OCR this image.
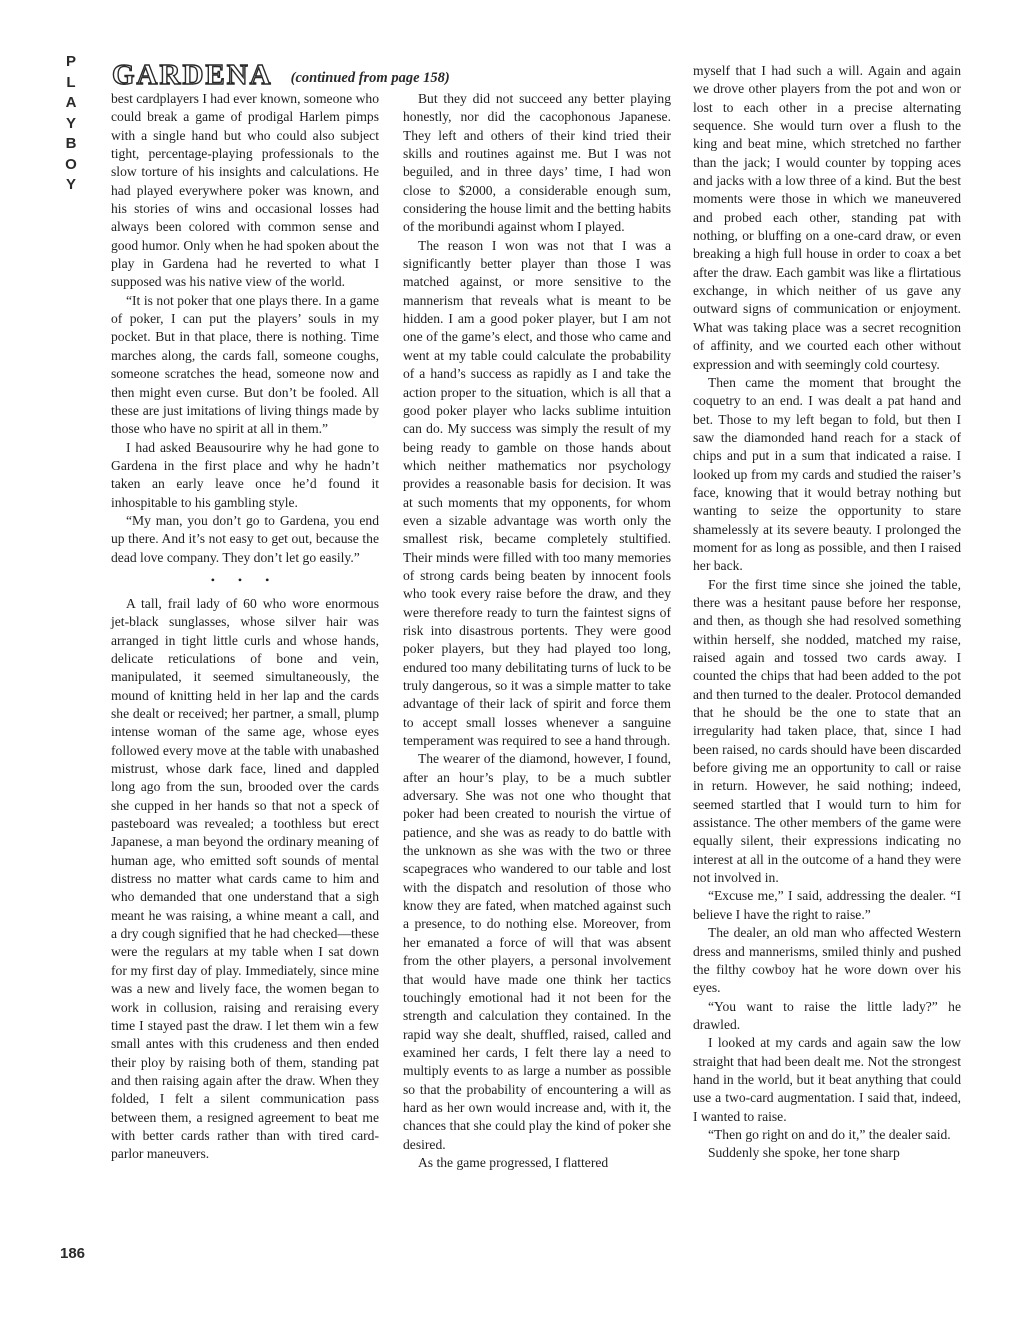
P
L
A
Y
B
O
Y
GARDENA (continued from page 158)

best cardplayers I had ever known, someone who could break a game of prodigal Harlem pimps with a single hand but who could also subject tight, percentage-playing professionals to the slow torture of his insights and calculations. He had played everywhere poker was known, and his stories of wins and occasional losses had always been colored with common sense and good humor. Only when he had spoken about the play in Gardena had he reverted to what I supposed was his native view of the world.

“It is not poker that one plays there. In a game of poker, I can put the players’ souls in my pocket. But in that place, there is nothing. Time marches along, the cards fall, someone coughs, someone scratches the head, someone now and then might even curse. But don’t be fooled. All these are just imitations of living things made by those who have no spirit at all in them.”

I had asked Beausourire why he had gone to Gardena in the first place and why he hadn’t taken an early leave once he’d found it inhospitable to his gambling style.

“My man, you don’t go to Gardena, you end up there. And it’s not easy to get out, because the dead love company. They don’t let go easily.”

• • •

A tall, frail lady of 60 who wore enormous jet-black sunglasses, whose silver hair was arranged in tight little curls and whose hands, delicate reticulations of bone and vein, manipulated, it seemed simultaneously, the mound of knitting held in her lap and the cards she dealt or received; her partner, a small, plump intense woman of the same age, whose eyes followed every move at the table with unabashed mistrust, whose dark face, lined and dappled long ago from the sun, brooded over the cards she cupped in her hands so that not a speck of pasteboard was revealed; a toothless but erect Japanese, a man beyond the ordinary meaning of human age, who emitted soft sounds of mental distress no matter what cards came to him and who demanded that one understand that a sigh meant he was raising, a whine meant a call, and a dry cough signified that he had checked—these were the regulars at my table when I sat down for my first day of play. Immediately, since mine was a new and lively face, the women began to work in collusion, raising and reraising every time I stayed past the draw. I let them win a few small antes with this crudeness and then ended their ploy by raising both of them, standing pat and then raising again after the draw. When they folded, I felt a silent communication pass between them, a resigned agreement to beat me with better cards rather than with tired card-parlor maneuvers.

But they did not succeed any better playing honestly, nor did the cacophonous Japanese. They left and others of their kind tried their skills and routines against me. But I was not beguiled, and in three days’ time, I had won close to $2000, a considerable enough sum, considering the house limit and the betting habits of the moribundi against whom I played.

The reason I won was not that I was a significantly better player than those I was matched against, or more sensitive to the mannerism that reveals what is meant to be hidden. I am a good poker player, but I am not one of the game’s elect, and those who came and went at my table could calculate the probability of a hand’s success as rapidly as I and take the action proper to the situation, which is all that a good poker player who lacks sublime intuition can do. My success was simply the result of my being ready to gamble on those hands about which neither mathematics nor psychology provides a reasonable basis for decision. It was at such moments that my opponents, for whom even a sizable advantage was worth only the smallest risk, became completely stultified. Their minds were filled with too many memories of strong cards being beaten by innocent fools who took every raise before the draw, and they were therefore ready to turn the faintest signs of risk into disastrous portents. They were good poker players, but they had played too long, endured too many debilitating turns of luck to be truly dangerous, so it was a simple matter to take advantage of their lack of spirit and force them to accept small losses whenever a sanguine temperament was required to see a hand through.

The wearer of the diamond, however, I found, after an hour’s play, to be a much subtler adversary. She was not one who thought that poker had been created to nourish the virtue of patience, and she was as ready to do battle with the unknown as she was with the two or three scapegraces who wandered to our table and lost with the dispatch and resolution of those who know they are fated, when matched against such a presence, to do nothing else. Moreover, from her emanated a force of will that was absent from the other players, a personal involvement that would have made one think her tactics touchingly emotional had it not been for the strength and calculation they contained. In the rapid way she dealt, shuffled, raised, called and examined her cards, I felt there lay a need to multiply events to as large a number as possible so that the probability of encountering a will as hard as her own would increase and, with it, the chances that she could play the kind of poker she desired.

As the game progressed, I flattered

myself that I had such a will. Again and again we drove other players from the pot and won or lost to each other in a precise alternating sequence. She would turn over a flush to the king and beat mine, which stretched no farther than the jack; I would counter by topping aces and jacks with a low three of a kind. But the best moments were those in which we maneuvered and probed each other, standing pat with nothing, or bluffing on a one-card draw, or even breaking a high full house in order to coax a bet after the draw. Each gambit was like a flirtatious exchange, in which neither of us gave any outward signs of communication or enjoyment. What was taking place was a secret recognition of affinity, and we courted each other without expression and with seemingly cold courtesy.

Then came the moment that brought the coquetry to an end. I was dealt a pat hand and bet. Those to my left began to fold, but then I saw the diamonded hand reach for a stack of chips and put in a sum that indicated a raise. I looked up from my cards and studied the raiser’s face, knowing that it would betray nothing but wanting to seize the opportunity to stare shamelessly at its severe beauty. I prolonged the moment for as long as possible, and then I raised her back.

For the first time since she joined the table, there was a hesitant pause before her response, and then, as though she had resolved something within herself, she nodded, matched my raise, raised again and tossed two cards away. I counted the chips that had been added to the pot and then turned to the dealer. Protocol demanded that he should be the one to state that an irregularity had taken place, that, since I had been raised, no cards should have been discarded before giving me an opportunity to call or raise in return. However, he said nothing; indeed, seemed startled that I would turn to him for assistance. The other members of the game were equally silent, their expressions indicating no interest at all in the outcome of a hand they were not involved in.

“Excuse me,” I said, addressing the dealer. “I believe I have the right to raise.”

The dealer, an old man who affected Western dress and mannerisms, smiled thinly and pushed the filthy cowboy hat he wore down over his eyes.

“You want to raise the little lady?” he drawled.

I looked at my cards and again saw the low straight that had been dealt me. Not the strongest hand in the world, but it beat anything that could use a two-card augmentation. I said that, indeed, I wanted to raise.

“Then go right on and do it,” the dealer said.

Suddenly she spoke, her tone sharp

186
